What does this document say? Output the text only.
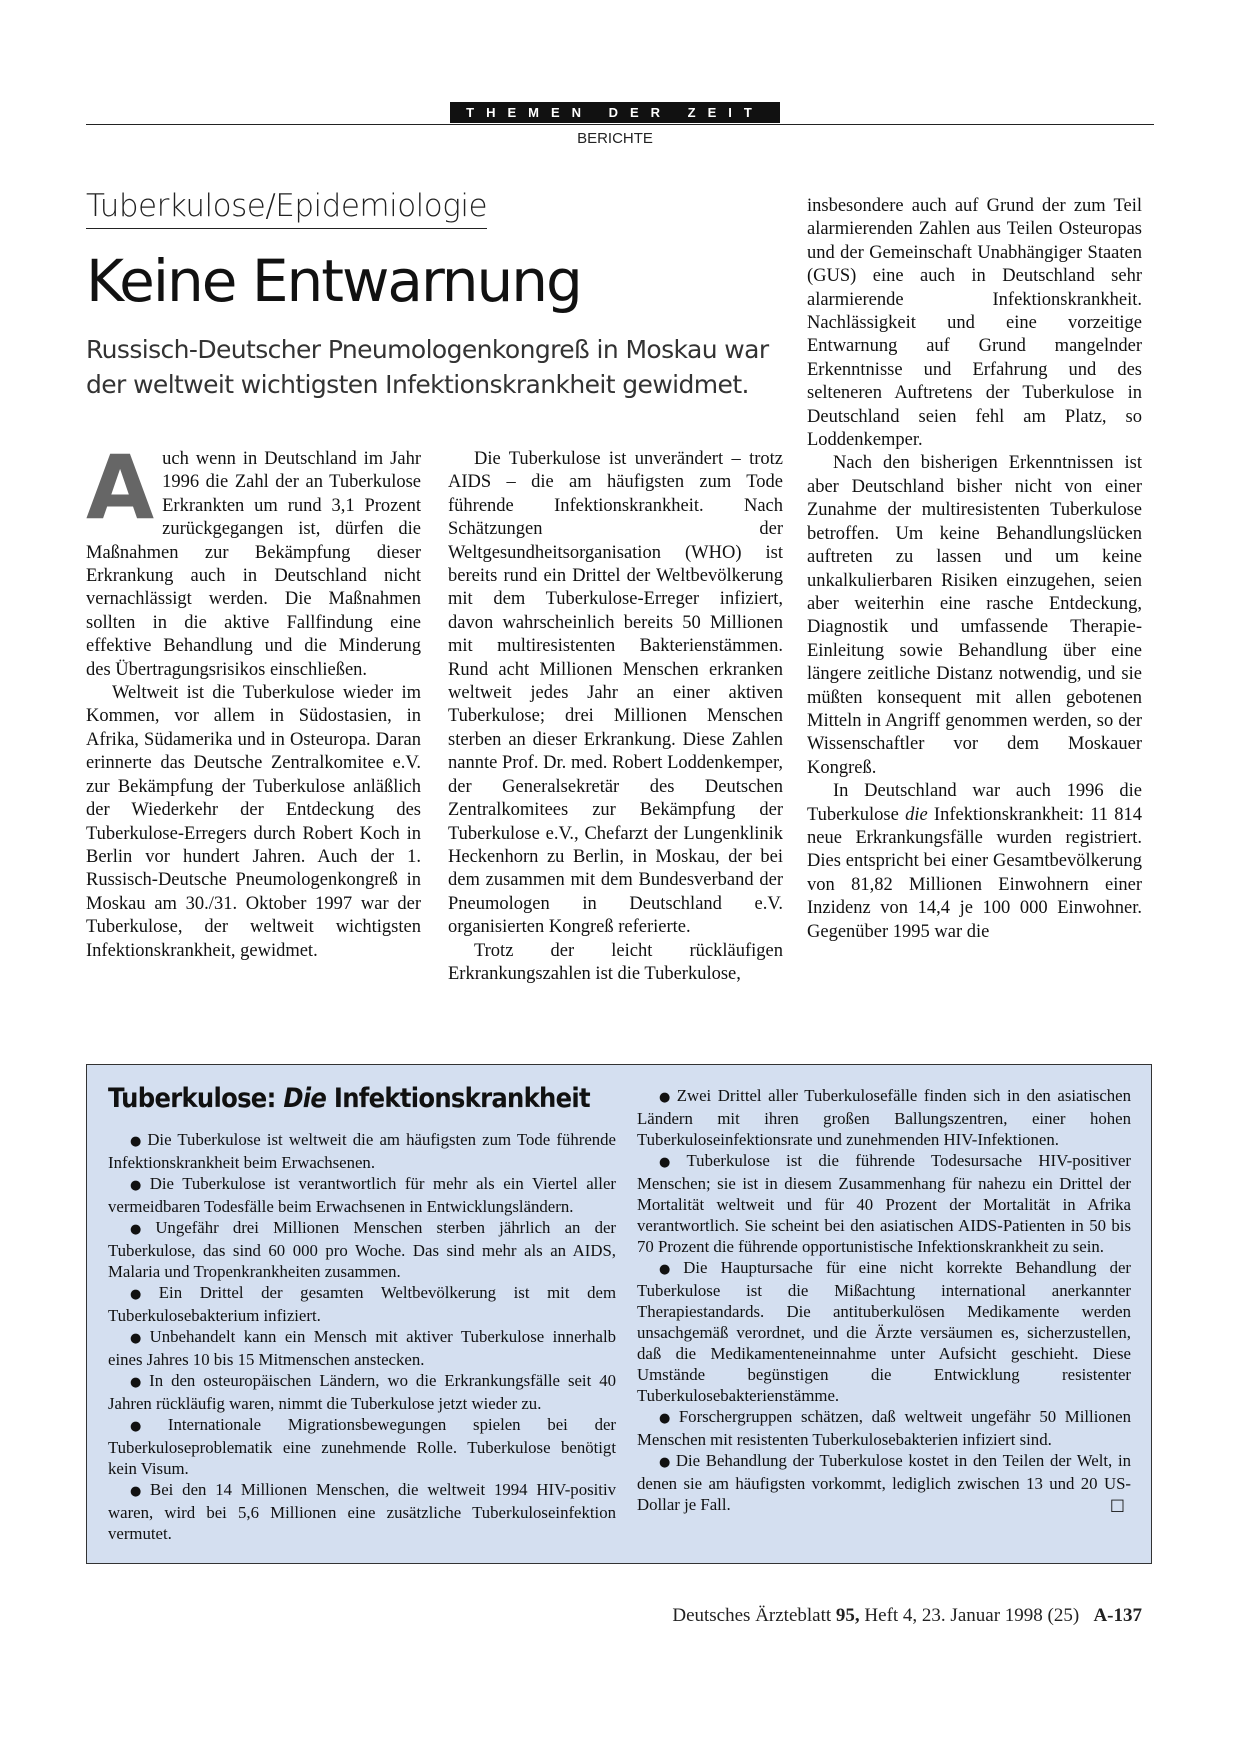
THEMEN DER ZEIT
BERICHTE
Tuberkulose/Epidemiologie
Keine Entwarnung
Russisch-Deutscher Pneumologenkongreß in Moskau war der weltweit wichtigsten Infektionskrankheit gewidmet.

Auch wenn in Deutschland im Jahr 1996 die Zahl der an Tuberkulose Erkrankten um rund 3,1 Prozent zurückgegangen ist, dürfen die Maßnahmen zur Bekämpfung dieser Erkrankung auch in Deutschland nicht vernachlässigt werden. Die Maßnahmen sollten in die aktive Fallfindung eine effektive Behandlung und die Minderung des Übertragungsrisikos einschließen.

Weltweit ist die Tuberkulose wieder im Kommen, vor allem in Südostasien, in Afrika, Südamerika und in Osteuropa. Daran erinnerte das Deutsche Zentralkomitee e.V. zur Bekämpfung der Tuberkulose anläßlich der Wiederkehr der Entdeckung des Tuberkulose-Erregers durch Robert Koch in Berlin vor hundert Jahren. Auch der 1. Russisch-Deutsche Pneumologenkongreß in Moskau am 30./31. Oktober 1997 war der Tuberkulose, der weltweit wichtigsten Infektionskrankheit, gewidmet.

Die Tuberkulose ist unverändert – trotz AIDS – die am häufigsten zum Tode führende Infektionskrankheit. Nach Schätzungen der Weltgesundheitsorganisation (WHO) ist bereits rund ein Drittel der Weltbevölkerung mit dem Tuberkulose-Erreger infiziert, davon wahrscheinlich bereits 50 Millionen mit multiresistenten Bakterienstämmen. Rund acht Millionen Menschen erkranken weltweit jedes Jahr an einer aktiven Tuberkulose; drei Millionen Menschen sterben an dieser Erkrankung. Diese Zahlen nannte Prof. Dr. med. Robert Loddenkemper, der Generalsekretär des Deutschen Zentralkomitees zur Bekämpfung der Tuberkulose e.V., Chefarzt der Lungenklinik Heckenhorn zu Berlin, in Moskau, der bei dem zusammen mit dem Bundesverband der Pneumologen in Deutschland e.V. organisierten Kongreß referierte.

Trotz der leicht rückläufigen Erkrankungszahlen ist die Tuberkulose,

insbesondere auch auf Grund der zum Teil alarmierenden Zahlen aus Teilen Osteuropas und der Gemeinschaft Unabhängiger Staaten (GUS) eine auch in Deutschland sehr alarmierende Infektionskrankheit. Nachlässigkeit und eine vorzeitige Entwarnung auf Grund mangelnder Erkenntnisse und Erfahrung und des selteneren Auftretens der Tuberkulose in Deutschland seien fehl am Platz, so Loddenkemper.

Nach den bisherigen Erkenntnissen ist aber Deutschland bisher nicht von einer Zunahme der multiresistenten Tuberkulose betroffen. Um keine Behandlungslücken auftreten zu lassen und um keine unkalkulierbaren Risiken einzugehen, seien aber weiterhin eine rasche Entdeckung, Diagnostik und umfassende Therapie-Einleitung sowie Behandlung über eine längere zeitliche Distanz notwendig, und sie müßten konsequent mit allen gebotenen Mitteln in Angriff genommen werden, so der Wissenschaftler vor dem Moskauer Kongreß.

In Deutschland war auch 1996 die Tuberkulose die Infektionskrankheit: 11 814 neue Erkrankungsfälle wurden registriert. Dies entspricht bei einer Gesamtbevölkerung von 81,82 Millionen Einwohnern einer Inzidenz von 14,4 je 100 000 Einwohner. Gegenüber 1995 war die

Tuberkulose: Die Infektionskrankheit

● Die Tuberkulose ist weltweit die am häufigsten zum Tode führende Infektionskrankheit beim Erwachsenen.

● Die Tuberkulose ist verantwortlich für mehr als ein Viertel aller vermeidbaren Todesfälle beim Erwachsenen in Entwicklungsländern.

● Ungefähr drei Millionen Menschen sterben jährlich an der Tuberkulose, das sind 60 000 pro Woche. Das sind mehr als an AIDS, Malaria und Tropenkrankheiten zusammen.

● Ein Drittel der gesamten Weltbevölkerung ist mit dem Tuberkulosebakterium infiziert.

● Unbehandelt kann ein Mensch mit aktiver Tuberkulose innerhalb eines Jahres 10 bis 15 Mitmenschen anstecken.

● In den osteuropäischen Ländern, wo die Erkrankungsfälle seit 40 Jahren rückläufig waren, nimmt die Tuberkulose jetzt wieder zu.

● Internationale Migrationsbewegungen spielen bei der Tuberkuloseproblematik eine zunehmende Rolle. Tuberkulose benötigt kein Visum.

● Bei den 14 Millionen Menschen, die weltweit 1994 HIV-positiv waren, wird bei 5,6 Millionen eine zusätzliche Tuberkuloseinfektion vermutet.

● Zwei Drittel aller Tuberkulosefälle finden sich in den asiatischen Ländern mit ihren großen Ballungszentren, einer hohen Tuberkuloseinfektionsrate und zunehmenden HIV-Infektionen.

● Tuberkulose ist die führende Todesursache HIV-positiver Menschen; sie ist in diesem Zusammenhang für nahezu ein Drittel der Mortalität weltweit und für 40 Prozent der Mortalität in Afrika verantwortlich. Sie scheint bei den asiatischen AIDS-Patienten in 50 bis 70 Prozent die führende opportunistische Infektionskrankheit zu sein.

● Die Hauptursache für eine nicht korrekte Behandlung der Tuberkulose ist die Mißachtung international anerkannter Therapiestandards. Die antituberkulösen Medikamente werden unsachgemäß verordnet, und die Ärzte versäumen es, sicherzustellen, daß die Medikamenteneinnahme unter Aufsicht geschieht. Diese Umstände begünstigen die Entwicklung resistenter Tuberkulosebakterienstämme.

● Forschergruppen schätzen, daß weltweit ungefähr 50 Millionen Menschen mit resistenten Tuberkulosebakterien infiziert sind.

● Die Behandlung der Tuberkulose kostet in den Teilen der Welt, in denen sie am häufigsten vorkommt, lediglich zwischen 13 und 20 US-Dollar je Fall.	□

Deutsches Ärzteblatt 95, Heft 4, 23. Januar 1998 (25) A-137
